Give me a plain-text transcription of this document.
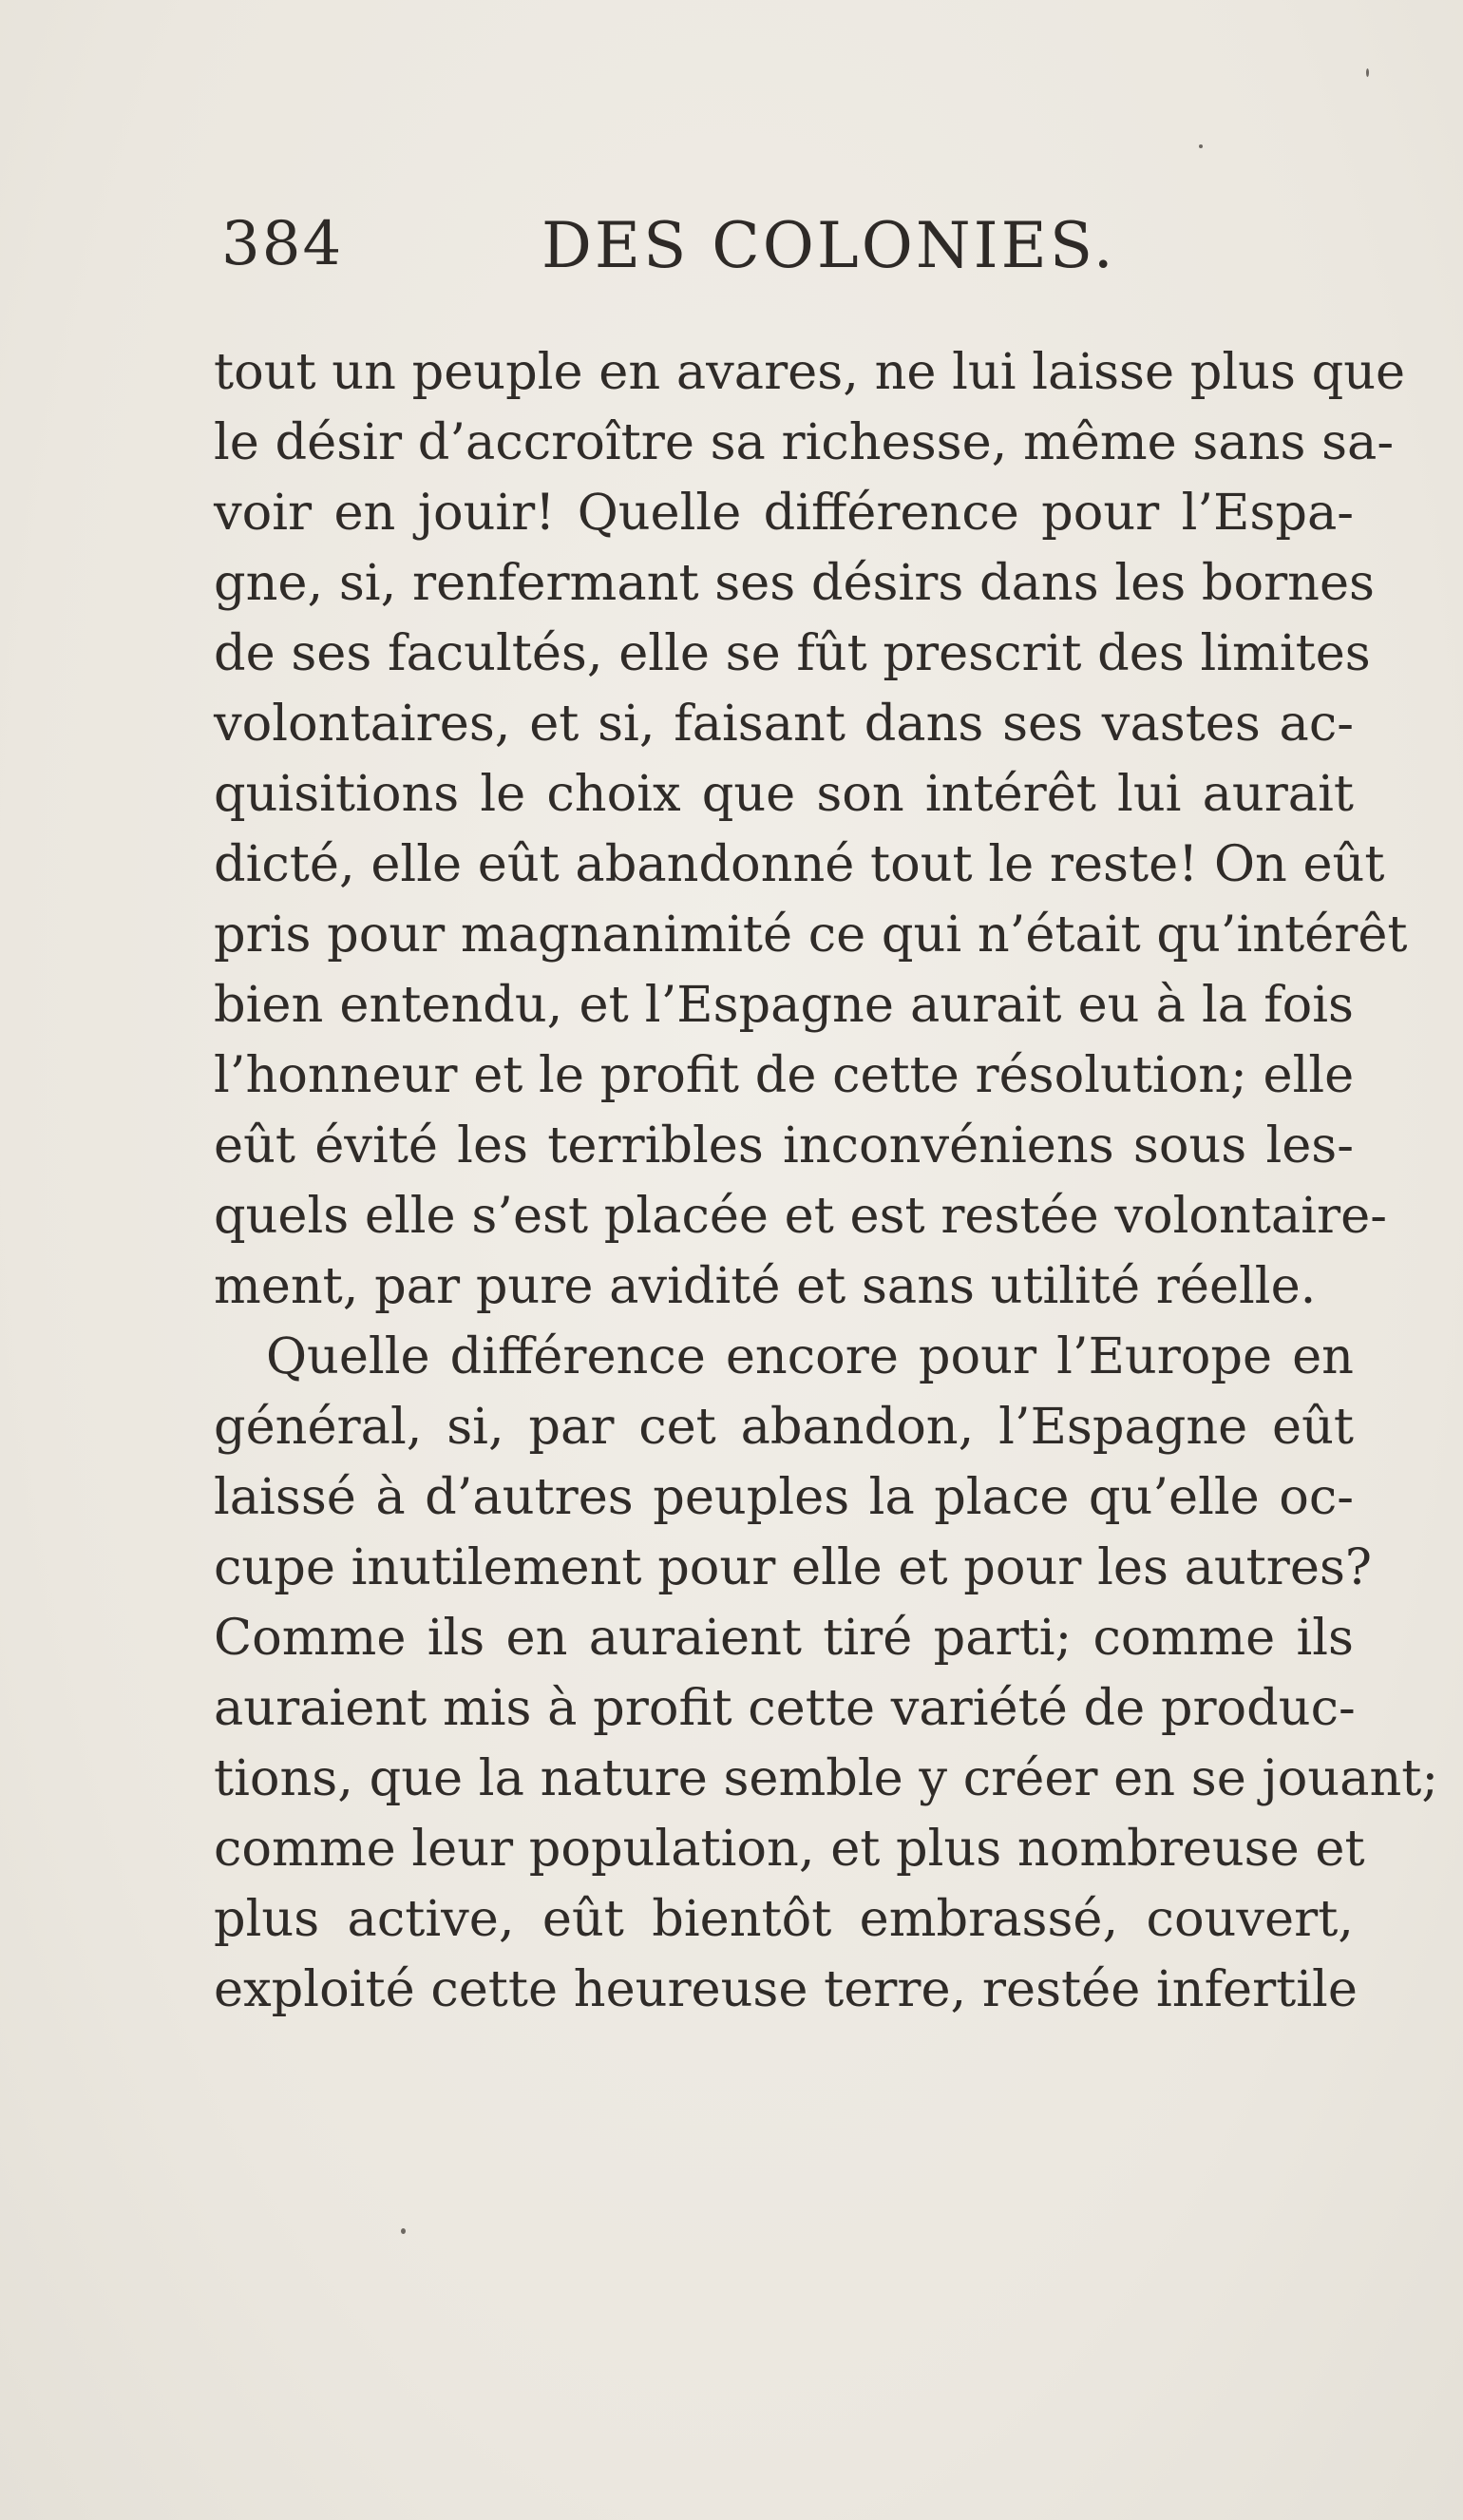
384	DES COLONIES.
tout un peuple en avares, ne lui laisse plus que
le désir d’accroître sa richesse, même sans sa-
voir en jouir! Quelle différence pour l’Espa-
gne, si, renfermant ses désirs dans les bornes
de ses facultés, elle se fût prescrit des limites
volontaires, et si, faisant dans ses vastes ac-
quisitions le choix que son intérêt lui aurait
dicté, elle eût abandonné tout le reste! On eût
pris pour magnanimité ce qui n’était qu’intérêt
bien entendu, et l’Espagne aurait eu à la fois
l’honneur et le profit de cette résolution; elle
eût évité les terribles inconvéniens sous les-
quels elle s’est placée et est restée volontaire-
ment, par pure avidité et sans utilité réelle.
Quelle différence encore pour l’Europe en
général, si, par cet abandon, l’Espagne eût
laissé à d’autres peuples la place qu’elle oc-
cupe inutilement pour elle et pour les autres?
Comme ils en auraient tiré parti; comme ils
auraient mis à profit cette variété de produc-
tions, que la nature semble y créer en se jouant;
comme leur population, et plus nombreuse et
plus active, eût bientôt embrassé, couvert,
exploité cette heureuse terre, restée infertile
